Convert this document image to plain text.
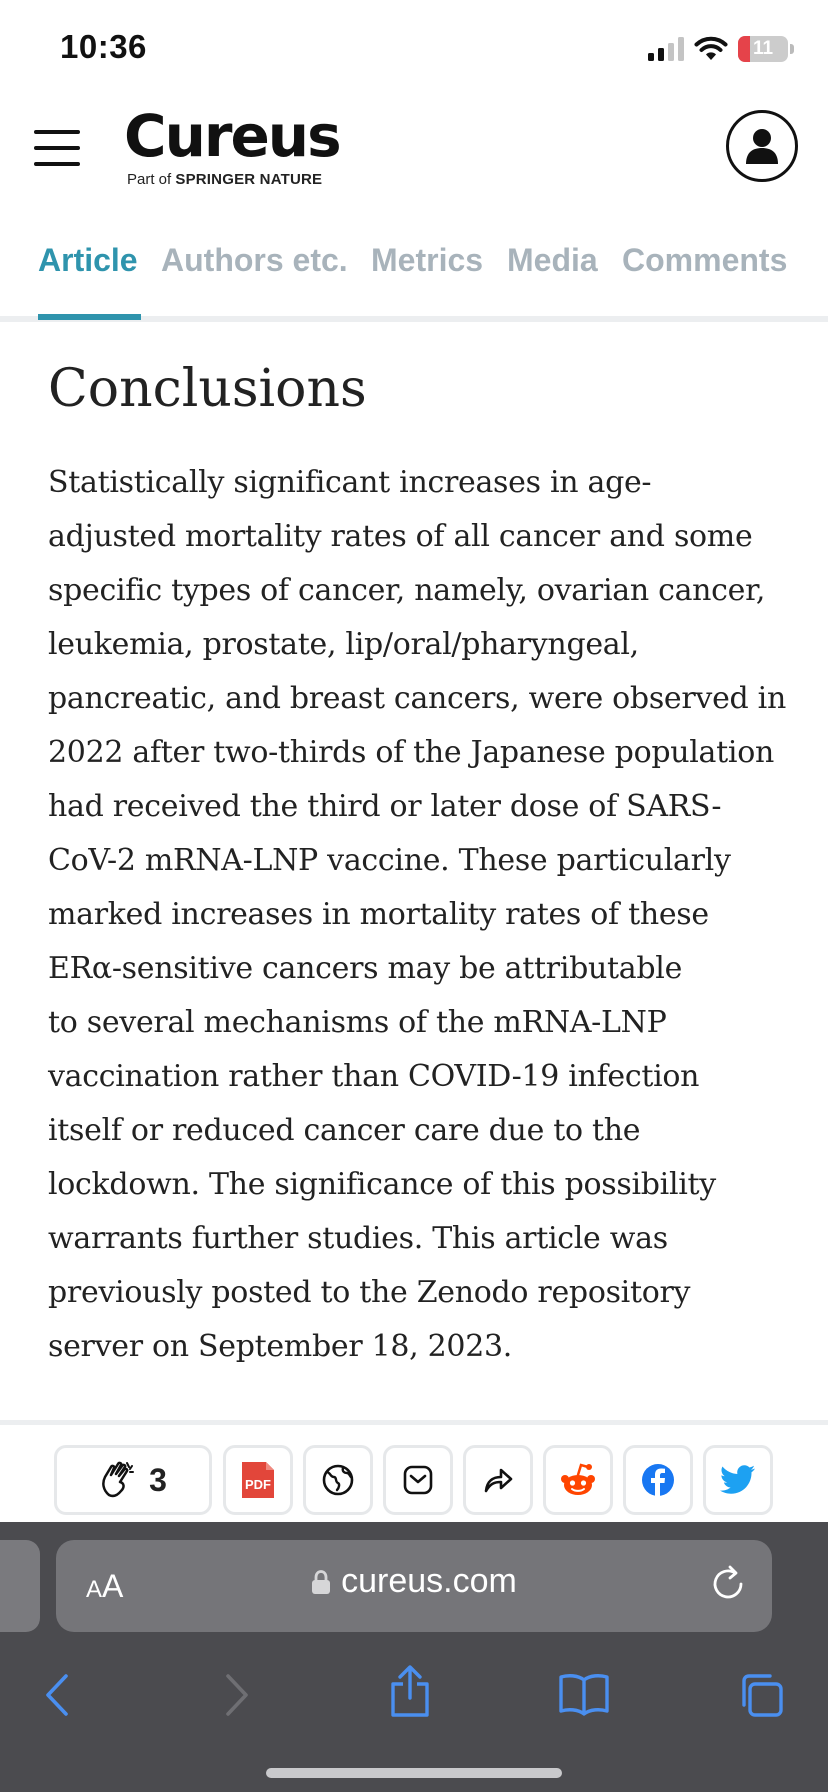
10:36	11
Cureus
Part of SPRINGER NATURE
Article Authors etc. Metrics Media Comments
Conclusions
Statistically significant increases in age-
adjusted mortality rates of all cancer and some
specific types of cancer, namely, ovarian cancer,
leukemia, prostate, lip/oral/pharyngeal,
pancreatic, and breast cancers, were observed in
2022 after two-thirds of the Japanese population
had received the third or later dose of SARS-
CoV-2 mRNA-LNP vaccine. These particularly
marked increases in mortality rates of these
ERα-sensitive cancers may be attributable
to several mechanisms of the mRNA-LNP
vaccination rather than COVID-19 infection
itself or reduced cancer care due to the
lockdown. The significance of this possibility
warrants further studies. This article was
previously posted to the Zenodo repository
server on September 18, 2023.
3	PDF
AA	cureus.com
